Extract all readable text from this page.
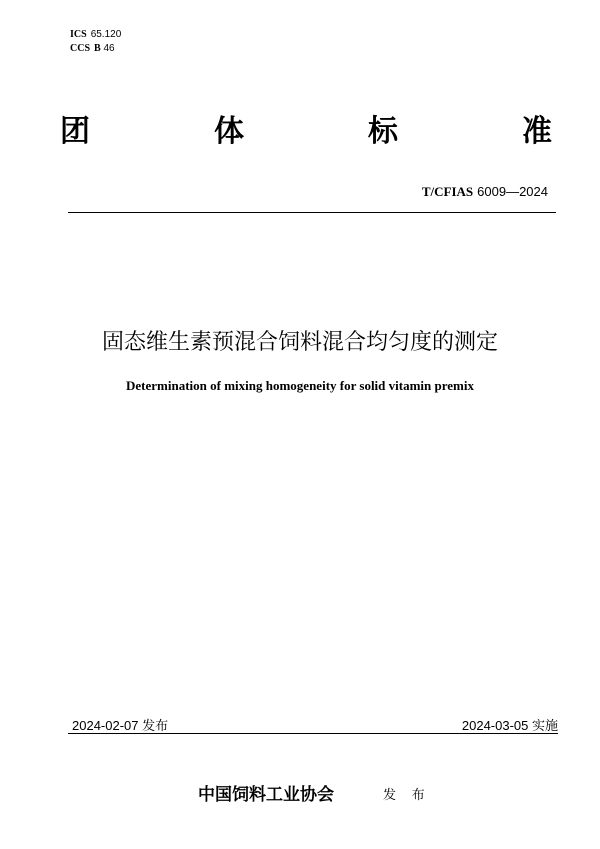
ICS 65.120
CCS B 46
团	体	标	准
T/CFIAS 6009—2024
固态维生素预混合饲料混合均匀度的测定
Determination of mixing homogeneity for solid vitamin premix
2024-02-07 发布	2024-03-05 实施
中国饲料工业协会	发 布
